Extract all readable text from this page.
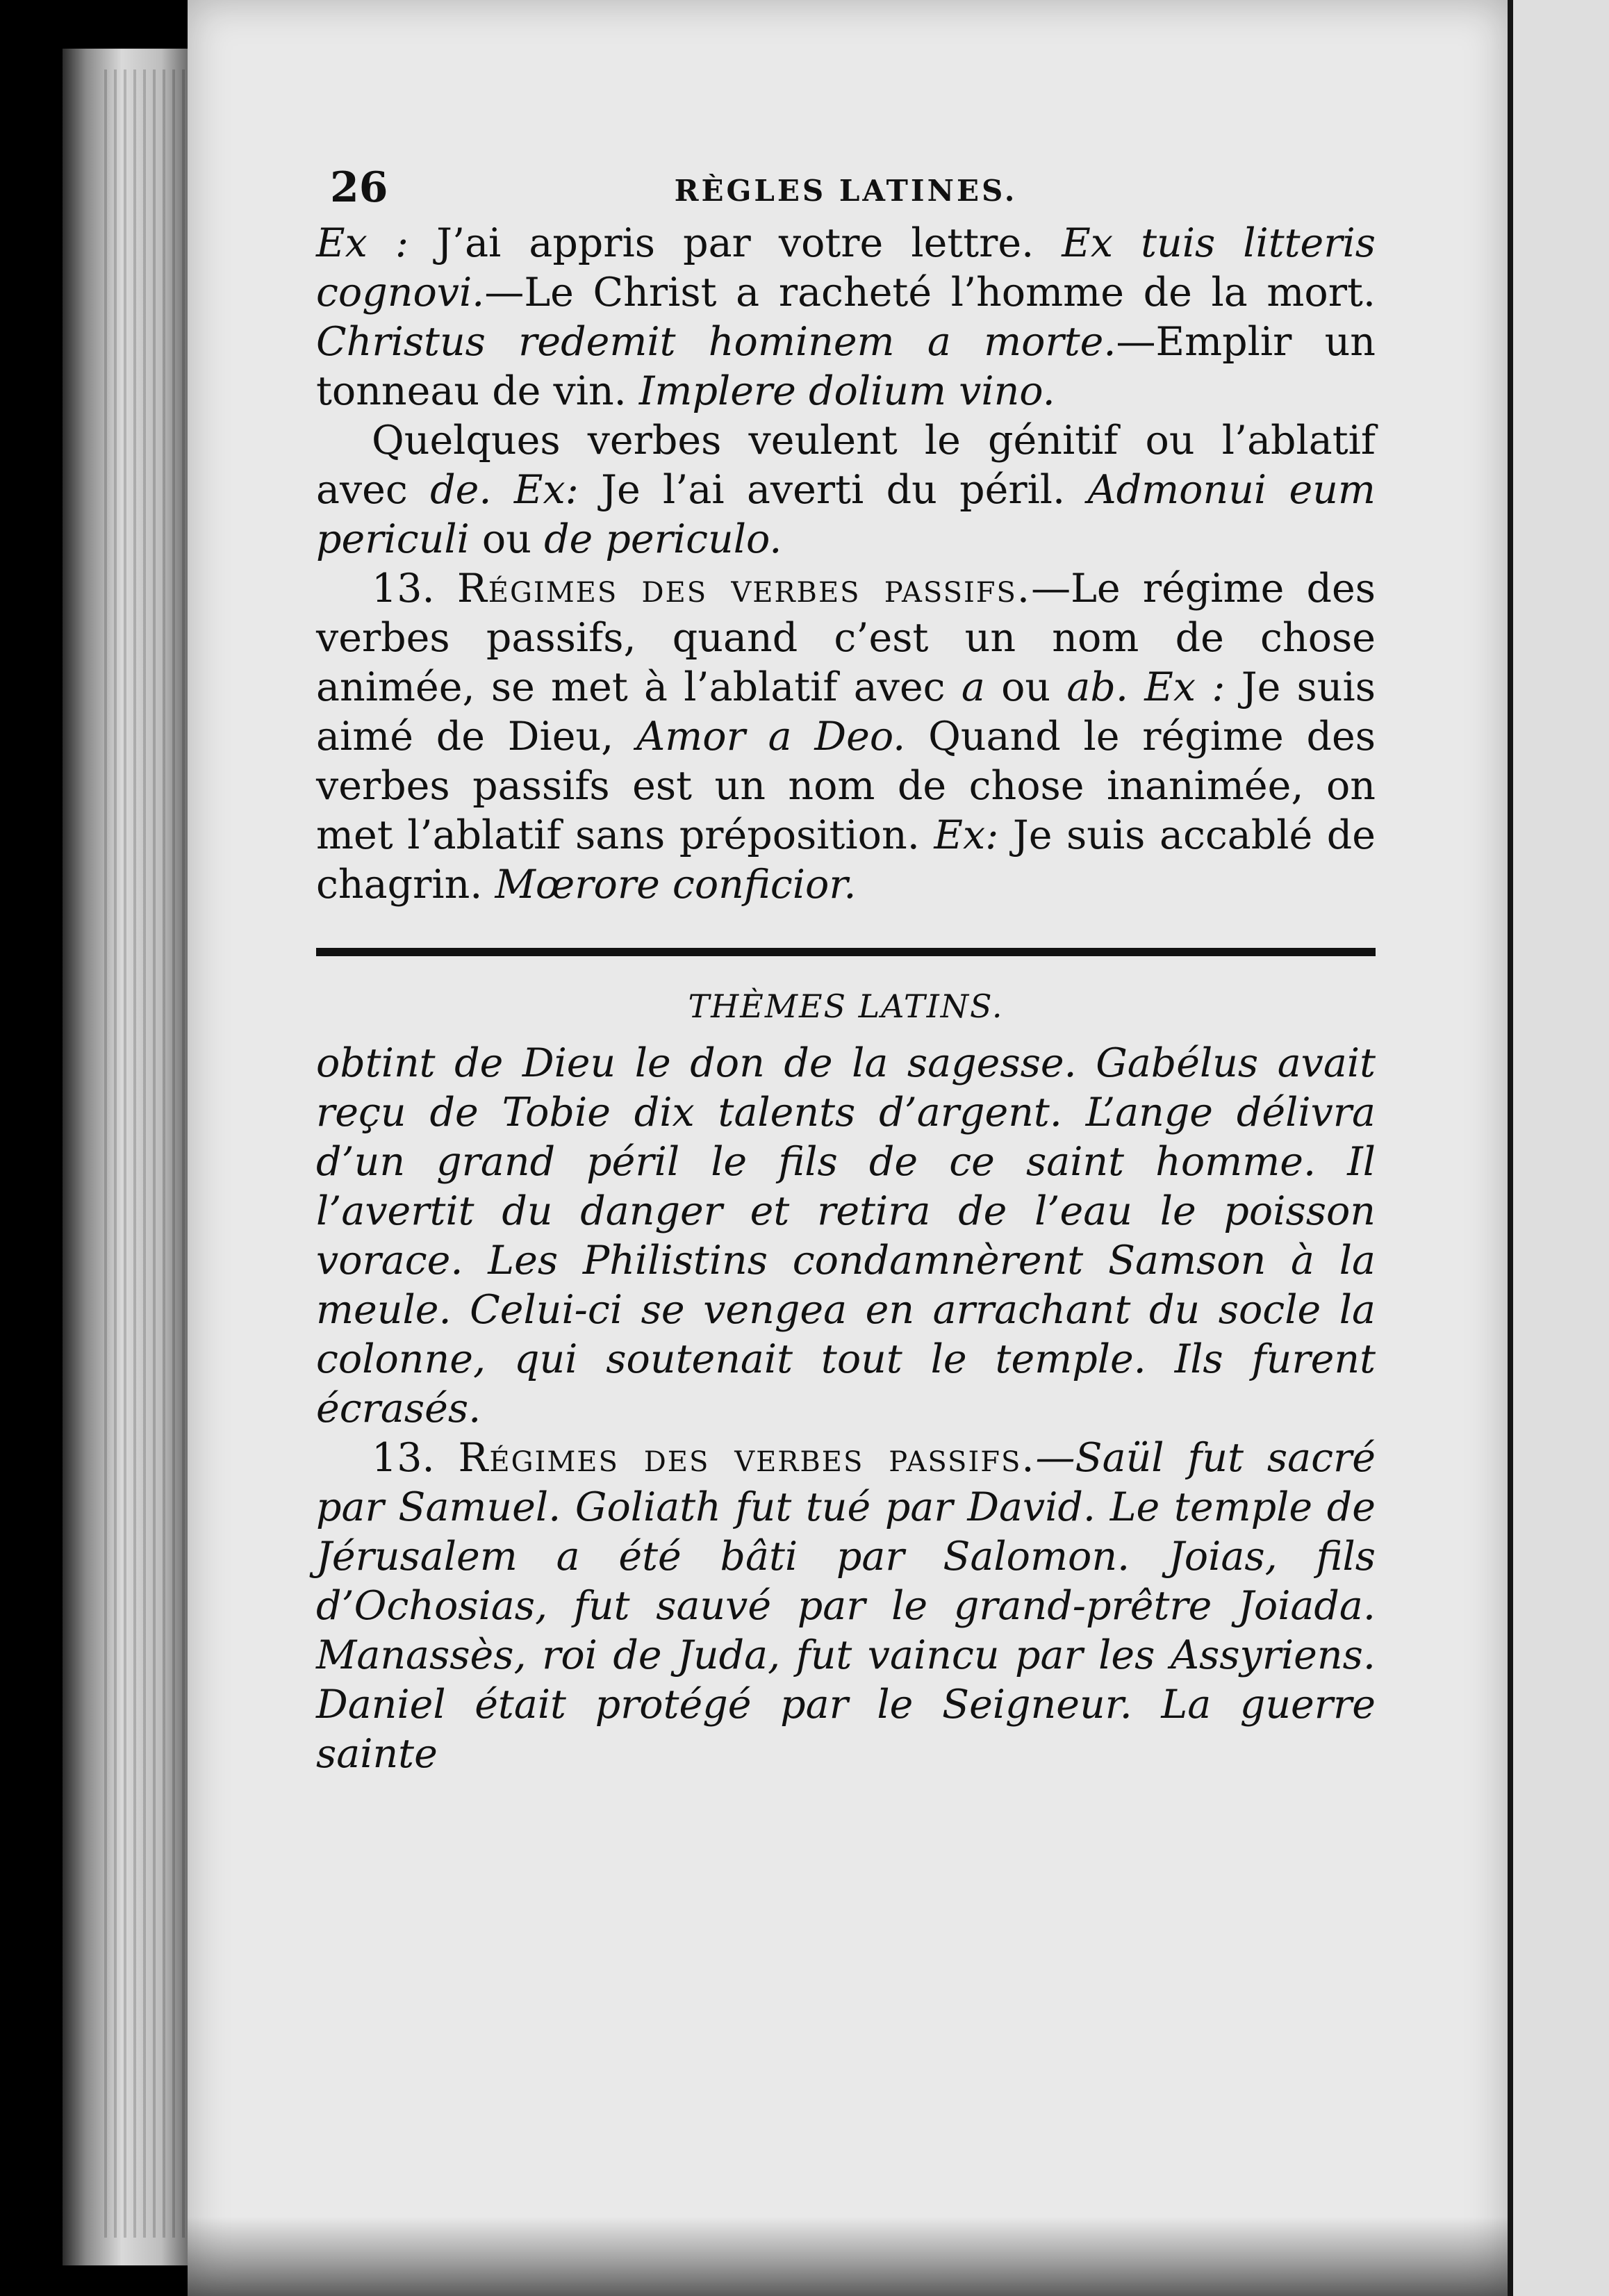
26	RÈGLES LATINES.

Ex : J’ai appris par votre lettre. Ex tuis litteris cognovi.—Le Christ a racheté l’homme de la mort. Christus redemit hominem a morte.—Emplir un tonneau de vin. Implere dolium vino.

Quelques verbes veulent le génitif ou l’ablatif avec de. Ex: Je l’ai averti du péril. Admonui eum periculi ou de periculo.

13. Régimes des verbes passifs.—Le régime des verbes passifs, quand c’est un nom de chose animée, se met à l’ablatif avec a ou ab. Ex : Je suis aimé de Dieu, Amor a Deo. Quand le régime des verbes passifs est un nom de chose inanimée, on met l’ablatif sans préposition. Ex: Je suis accablé de chagrin. Mœrore conficior.

THÈMES LATINS.

obtint de Dieu le don de la sagesse. Gabélus avait reçu de Tobie dix talents d’argent. L’ange délivra d’un grand péril le fils de ce saint homme. Il l’avertit du danger et retira de l’eau le poisson vorace. Les Philistins condamnèrent Samson à la meule. Celui-ci se vengea en arrachant du socle la colonne, qui soutenait tout le temple. Ils furent écrasés.

13. Régimes des verbes passifs.—Saül fut sacré par Samuel. Goliath fut tué par David. Le temple de Jérusalem a été bâti par Salomon. Joias, fils d’Ochosias, fut sauvé par le grand-prêtre Joiada. Manassès, roi de Juda, fut vaincu par les Assyriens. Daniel était protégé par le Seigneur. La guerre sainte
